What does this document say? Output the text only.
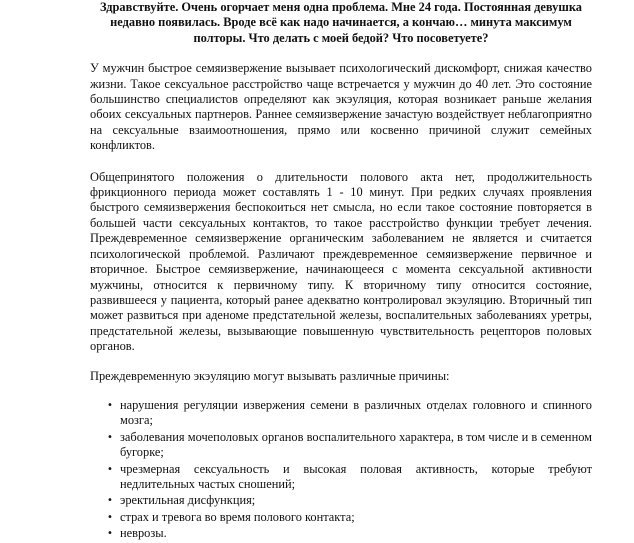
Здравствуйте. Очень огорчает меня одна проблема. Мне 24 года. Постоянная девушка недавно появилась. Вроде всё как надо начинается, а кончаю… минута максимум полторы. Что делать с моей бедой? Что посоветуете?

У мужчин быстрое семяизвержение вызывает психологический дискомфорт, снижая качество жизни. Такое сексуальное расстройство чаще встречается у мужчин до 40 лет. Это состояние большинство специалистов определяют как экэуляция, которая возникает раньше желания обоих сексуальных партнеров. Раннее семяизвержение зачастую воздействует неблагоприятно на сексуальные взаимоотношения, прямо или косвенно причиной служит семейных конфликтов.

Общепринятого положения о длительности полового акта нет, продолжительность фрикционного периода может составлять 1 - 10 минут. При редких случаях проявления быстрого семяизвержения беспокоиться нет смысла, но если такое состояние повторяется в большей части сексуальных контактов, то такое расстройство функции требует лечения. Преждевременное семяизвержение органическим заболеванием не является и считается психологической проблемой. Различают преждевременное семяизвержение первичное и вторичное. Быстрое семяизвержение, начинающееся с момента сексуальной активности мужчины, относится к первичному типу. К вторичному типу относится состояние, развившееся у пациента, который ранее адекватно контролировал экэуляцию. Вторичный тип может развиться при аденоме предстательной железы, воспалительных заболеваниях уретры, предстательной железы, вызывающие повышенную чувствительность рецепторов половых органов.

Преждевременную экэуляцию могут вызывать различные причины:

• нарушения регуляции извержения семени в различных отделах головного и спинного мозга;
• заболевания мочеполовых органов воспалительного характера, в том числе и в семенном бугорке;
• чрезмерная сексуальность и высокая половая активность, которые требуют недлительных частых сношений;
• эректильная дисфункция;
• страх и тревога во время полового контакта;
• неврозы.
